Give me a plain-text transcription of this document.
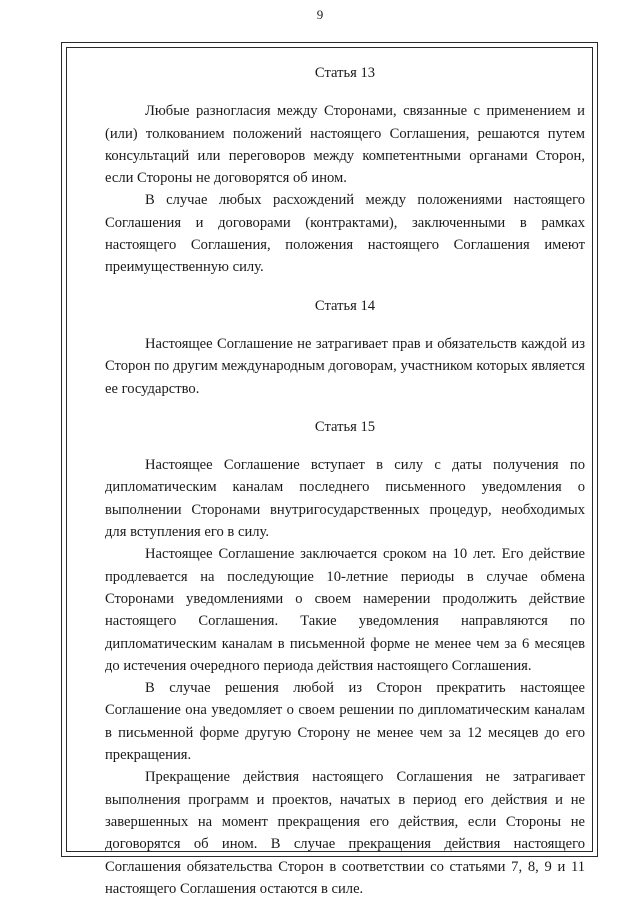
9
Статья 13

Любые разногласия между Сторонами, связанные с применением и (или) толкованием положений настоящего Соглашения, решаются путем консультаций или переговоров между компетентными органами Сторон, если Стороны не договорятся об ином.

В случае любых расхождений между положениями настоящего Соглашения и договорами (контрактами), заключенными в рамках настоящего Соглашения, положения настоящего Соглашения имеют преимущественную силу.

Статья 14

Настоящее Соглашение не затрагивает прав и обязательств каждой из Сторон по другим международным договорам, участником которых является ее государство.

Статья 15

Настоящее Соглашение вступает в силу с даты получения по дипломатическим каналам последнего письменного уведомления о выполнении Сторонами внутригосударственных процедур, необходимых для вступления его в силу.

Настоящее Соглашение заключается сроком на 10 лет. Его действие продлевается на последующие 10-летние периоды в случае обмена Сторонами уведомлениями о своем намерении продолжить действие настоящего Соглашения. Такие уведомления направляются по дипломатическим каналам в письменной форме не менее чем за 6 месяцев до истечения очередного периода действия настоящего Соглашения.

В случае решения любой из Сторон прекратить настоящее Соглашение она уведомляет о своем решении по дипломатическим каналам в письменной форме другую Сторону не менее чем за 12 месяцев до его прекращения.

Прекращение действия настоящего Соглашения не затрагивает выполнения программ и проектов, начатых в период его действия и не завершенных на момент прекращения его действия, если Стороны не договорятся об ином. В случае прекращения действия настоящего Соглашения обязательства Сторон в соответствии со статьями 7, 8, 9 и 11 настоящего Соглашения остаются в силе.
